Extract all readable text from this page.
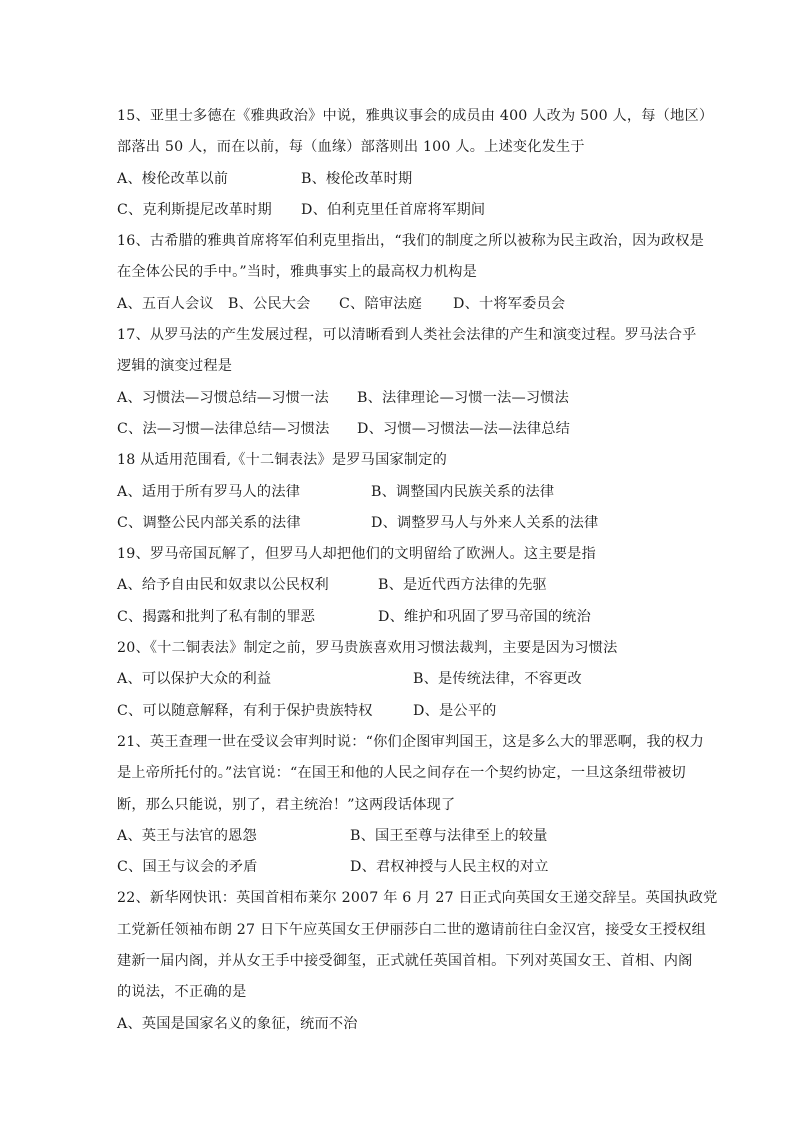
15、亚里士多德在《雅典政治》中说，雅典议事会的成员由 400 人改为 500 人，每（地区）
部落出 50 人，而在以前，每（血缘）部落则出 100 人。上述变化发生于
A、梭伦改革以前	B、梭伦改革时期
C、克利斯提尼改革时期	D、伯利克里任首席将军期间
16、古希腊的雅典首席将军伯利克里指出，“我们的制度之所以被称为民主政治，因为政权是
在全体公民的手中。”当时，雅典事实上的最高权力机构是
A、五百人会议	B、公民大会	C、陪审法庭	D、十将军委员会
17、从罗马法的产生发展过程，可以清晰看到人类社会法律的产生和演变过程。罗马法合乎
逻辑的演变过程是
A、习惯法—习惯总结—习惯一法	B、法律理论—习惯一法—习惯法
C、法—习惯—法律总结—习惯法	D、习惯—习惯法—法—法律总结
18 从适用范围看,《十二铜表法》是罗马国家制定的
A、适用于所有罗马人的法律	B、调整国内民族关系的法律
C、调整公民内部关系的法律	D、调整罗马人与外来人关系的法律
19、罗马帝国瓦解了，但罗马人却把他们的文明留给了欧洲人。这主要是指
A、给予自由民和奴隶以公民权利	B、是近代西方法律的先驱
C、揭露和批判了私有制的罪恶	D、维护和巩固了罗马帝国的统治
20、《十二铜表法》制定之前，罗马贵族喜欢用习惯法裁判，主要是因为习惯法
A、可以保护大众的利益	B、是传统法律，不容更改
C、可以随意解释，有利于保护贵族特权	D、是公平的
21、英王查理一世在受议会审判时说：“你们企图审判国王，这是多么大的罪恶啊，我的权力
是上帝所托付的。”法官说：“在国王和他的人民之间存在一个契约协定，一旦这条纽带被切
断，那么只能说，别了，君主统治！”这两段话体现了
A、英王与法官的恩怨	B、国王至尊与法律至上的较量
C、国王与议会的矛盾	D、君权神授与人民主权的对立
22、新华网快讯：英国首相布莱尔 2007 年 6 月 27 日正式向英国女王递交辞呈。英国执政党
工党新任领袖布朗 27 日下午应英国女王伊丽莎白二世的邀请前往白金汉宫，接受女王授权组
建新一届内阁，并从女王手中接受御玺，正式就任英国首相。下列对英国女王、首相、内阁
的说法，不正确的是
A、英国是国家名义的象征，统而不治
